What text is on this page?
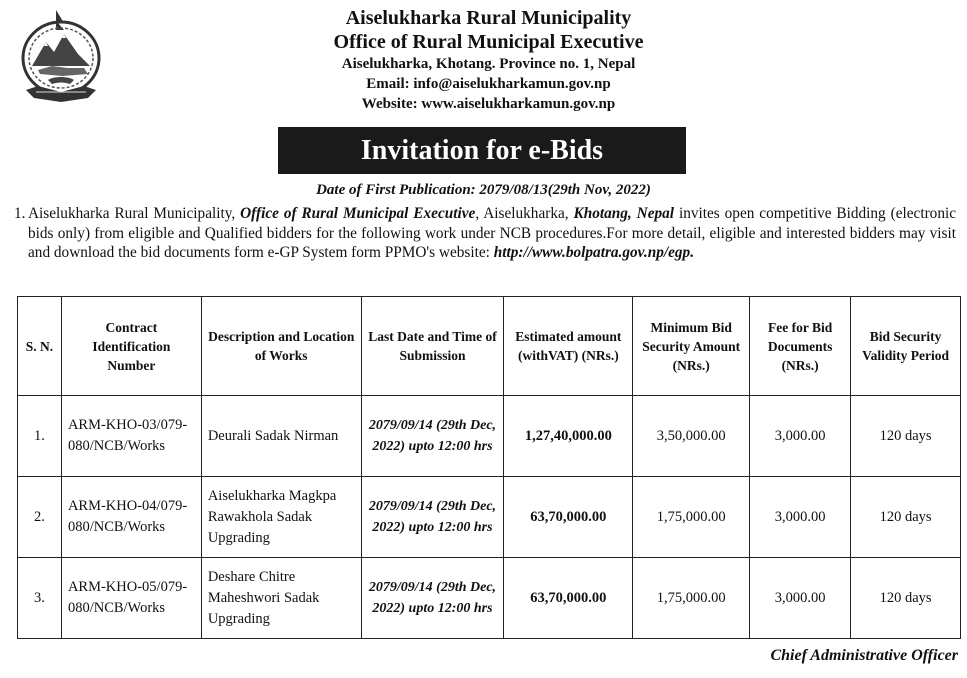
Aiselukharka Rural Municipality
Office of Rural Municipal Executive
Aiselukharka, Khotang. Province no. 1, Nepal
Email: info@aiselukharkamun.gov.np
Website: www.aiselukharkamun.gov.np
Invitation for e-Bids
Date of First Publication: 2079/08/13(29th Nov, 2022)
1. Aiselukharka Rural Municipality, Office of Rural Municipal Executive, Aiselukharka, Khotang, Nepal invites open competitive Bidding (electronic bids only) from eligible and Qualified bidders for the following work under NCB procedures.For more detail, eligible and interested bidders may visit and download the bid documents form e-GP System form PPMO's website: http://www.bolpatra.gov.np/egp.
S. N.	Contract Identification Number	Description and Location of Works	Last Date and Time of Submission	Estimated amount (withVAT) (NRs.)	Minimum Bid Security Amount (NRs.)	Fee for Bid Documents (NRs.)	Bid Security Validity Period
1.	ARM-KHO-03/079-080/NCB/Works	Deurali Sadak Nirman	2079/09/14 (29th Dec, 2022) upto 12:00 hrs	1,27,40,000.00	3,50,000.00	3,000.00	120 days
2.	ARM-KHO-04/079-080/NCB/Works	Aiselukharka Magkpa Rawakhola Sadak Upgrading	2079/09/14 (29th Dec, 2022) upto 12:00 hrs	63,70,000.00	1,75,000.00	3,000.00	120 days
3.	ARM-KHO-05/079-080/NCB/Works	Deshare Chitre Maheshwori Sadak Upgrading	2079/09/14 (29th Dec, 2022) upto 12:00 hrs	63,70,000.00	1,75,000.00	3,000.00	120 days
Chief Administrative Officer
